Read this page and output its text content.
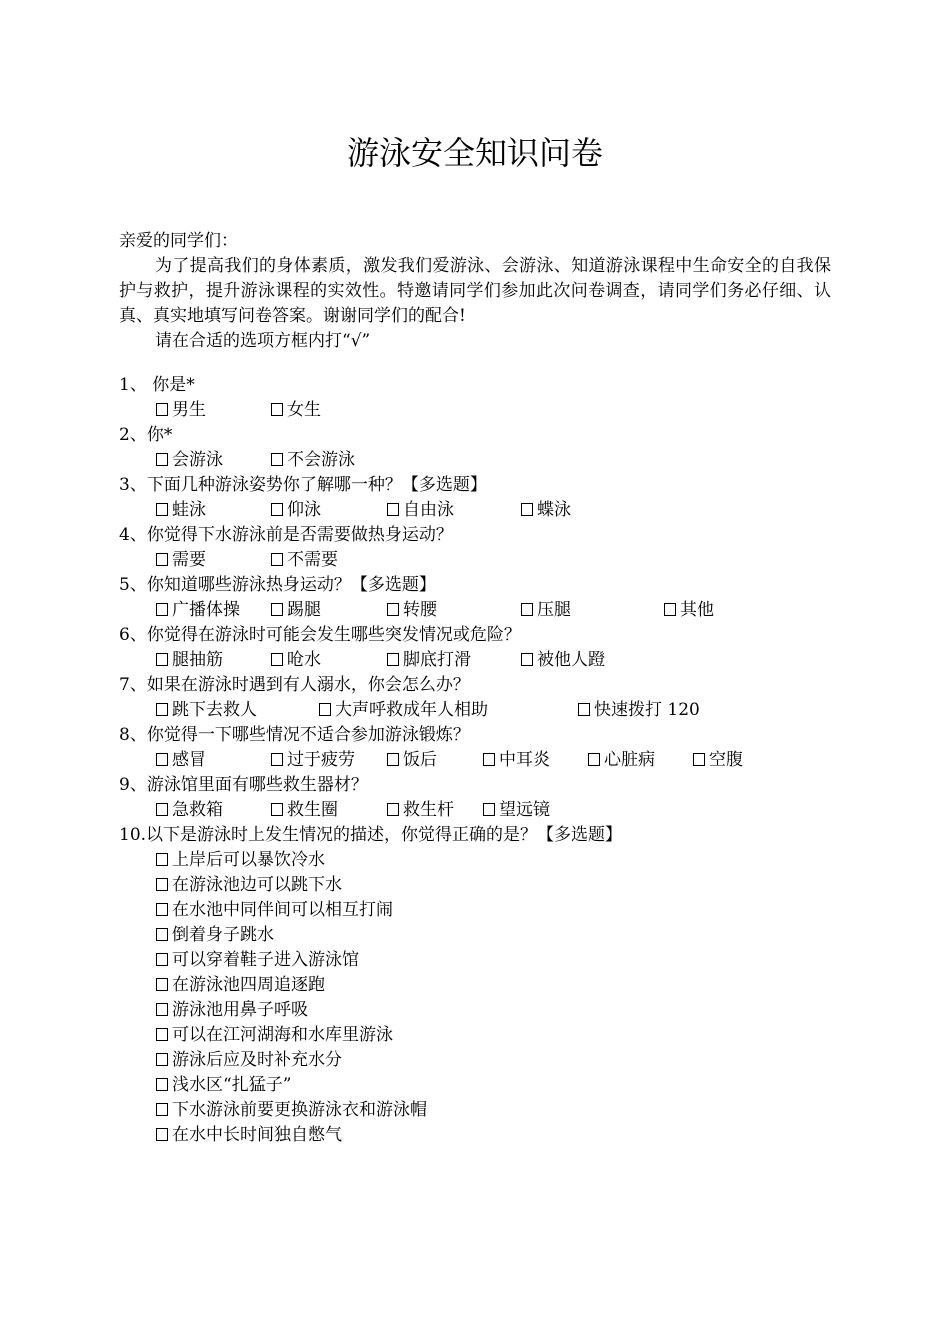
游泳安全知识问卷
亲爱的同学们：

为了提高我们的身体素质，激发我们爱游泳、会游泳、知道游泳课程中生命安全的自我保护与救护，提升游泳课程的实效性。特邀请同学们参加此次问卷调查，请同学们务必仔细、认真、真实地填写问卷答案。谢谢同学们的配合!

请在合适的选项方框内打“√”
1、 你是*
男生	女生
2、你*
会游泳	不会游泳
3、下面几种游泳姿势你了解哪一种？【多选题】
蛙泳	仰泳	自由泳	蝶泳
4、你觉得下水游泳前是否需要做热身运动？
需要	不需要
5、你知道哪些游泳热身运动？【多选题】
广播体操	踢腿	转腰	压腿	其他
6、你觉得在游泳时可能会发生哪些突发情况或危险？
腿抽筋	呛水	脚底打滑	被他人蹬
7、如果在游泳时遇到有人溺水，你会怎么办？
跳下去救人	大声呼救成年人相助	快速拨打 120
8、你觉得一下哪些情况不适合参加游泳锻炼？
感冒	过于疲劳	饭后	中耳炎	心脏病	空腹
9、游泳馆里面有哪些救生器材？
急救箱	救生圈	救生杆	望远镜
10.以下是游泳时上发生情况的描述，你觉得正确的是？【多选题】
上岸后可以暴饮冷水
在游泳池边可以跳下水
在水池中同伴间可以相互打闹
倒着身子跳水
可以穿着鞋子进入游泳馆
在游泳池四周追逐跑
游泳池用鼻子呼吸
可以在江河湖海和水库里游泳
游泳后应及时补充水分
浅水区“扎猛子”
下水游泳前要更换游泳衣和游泳帽
在水中长时间独自憋气
